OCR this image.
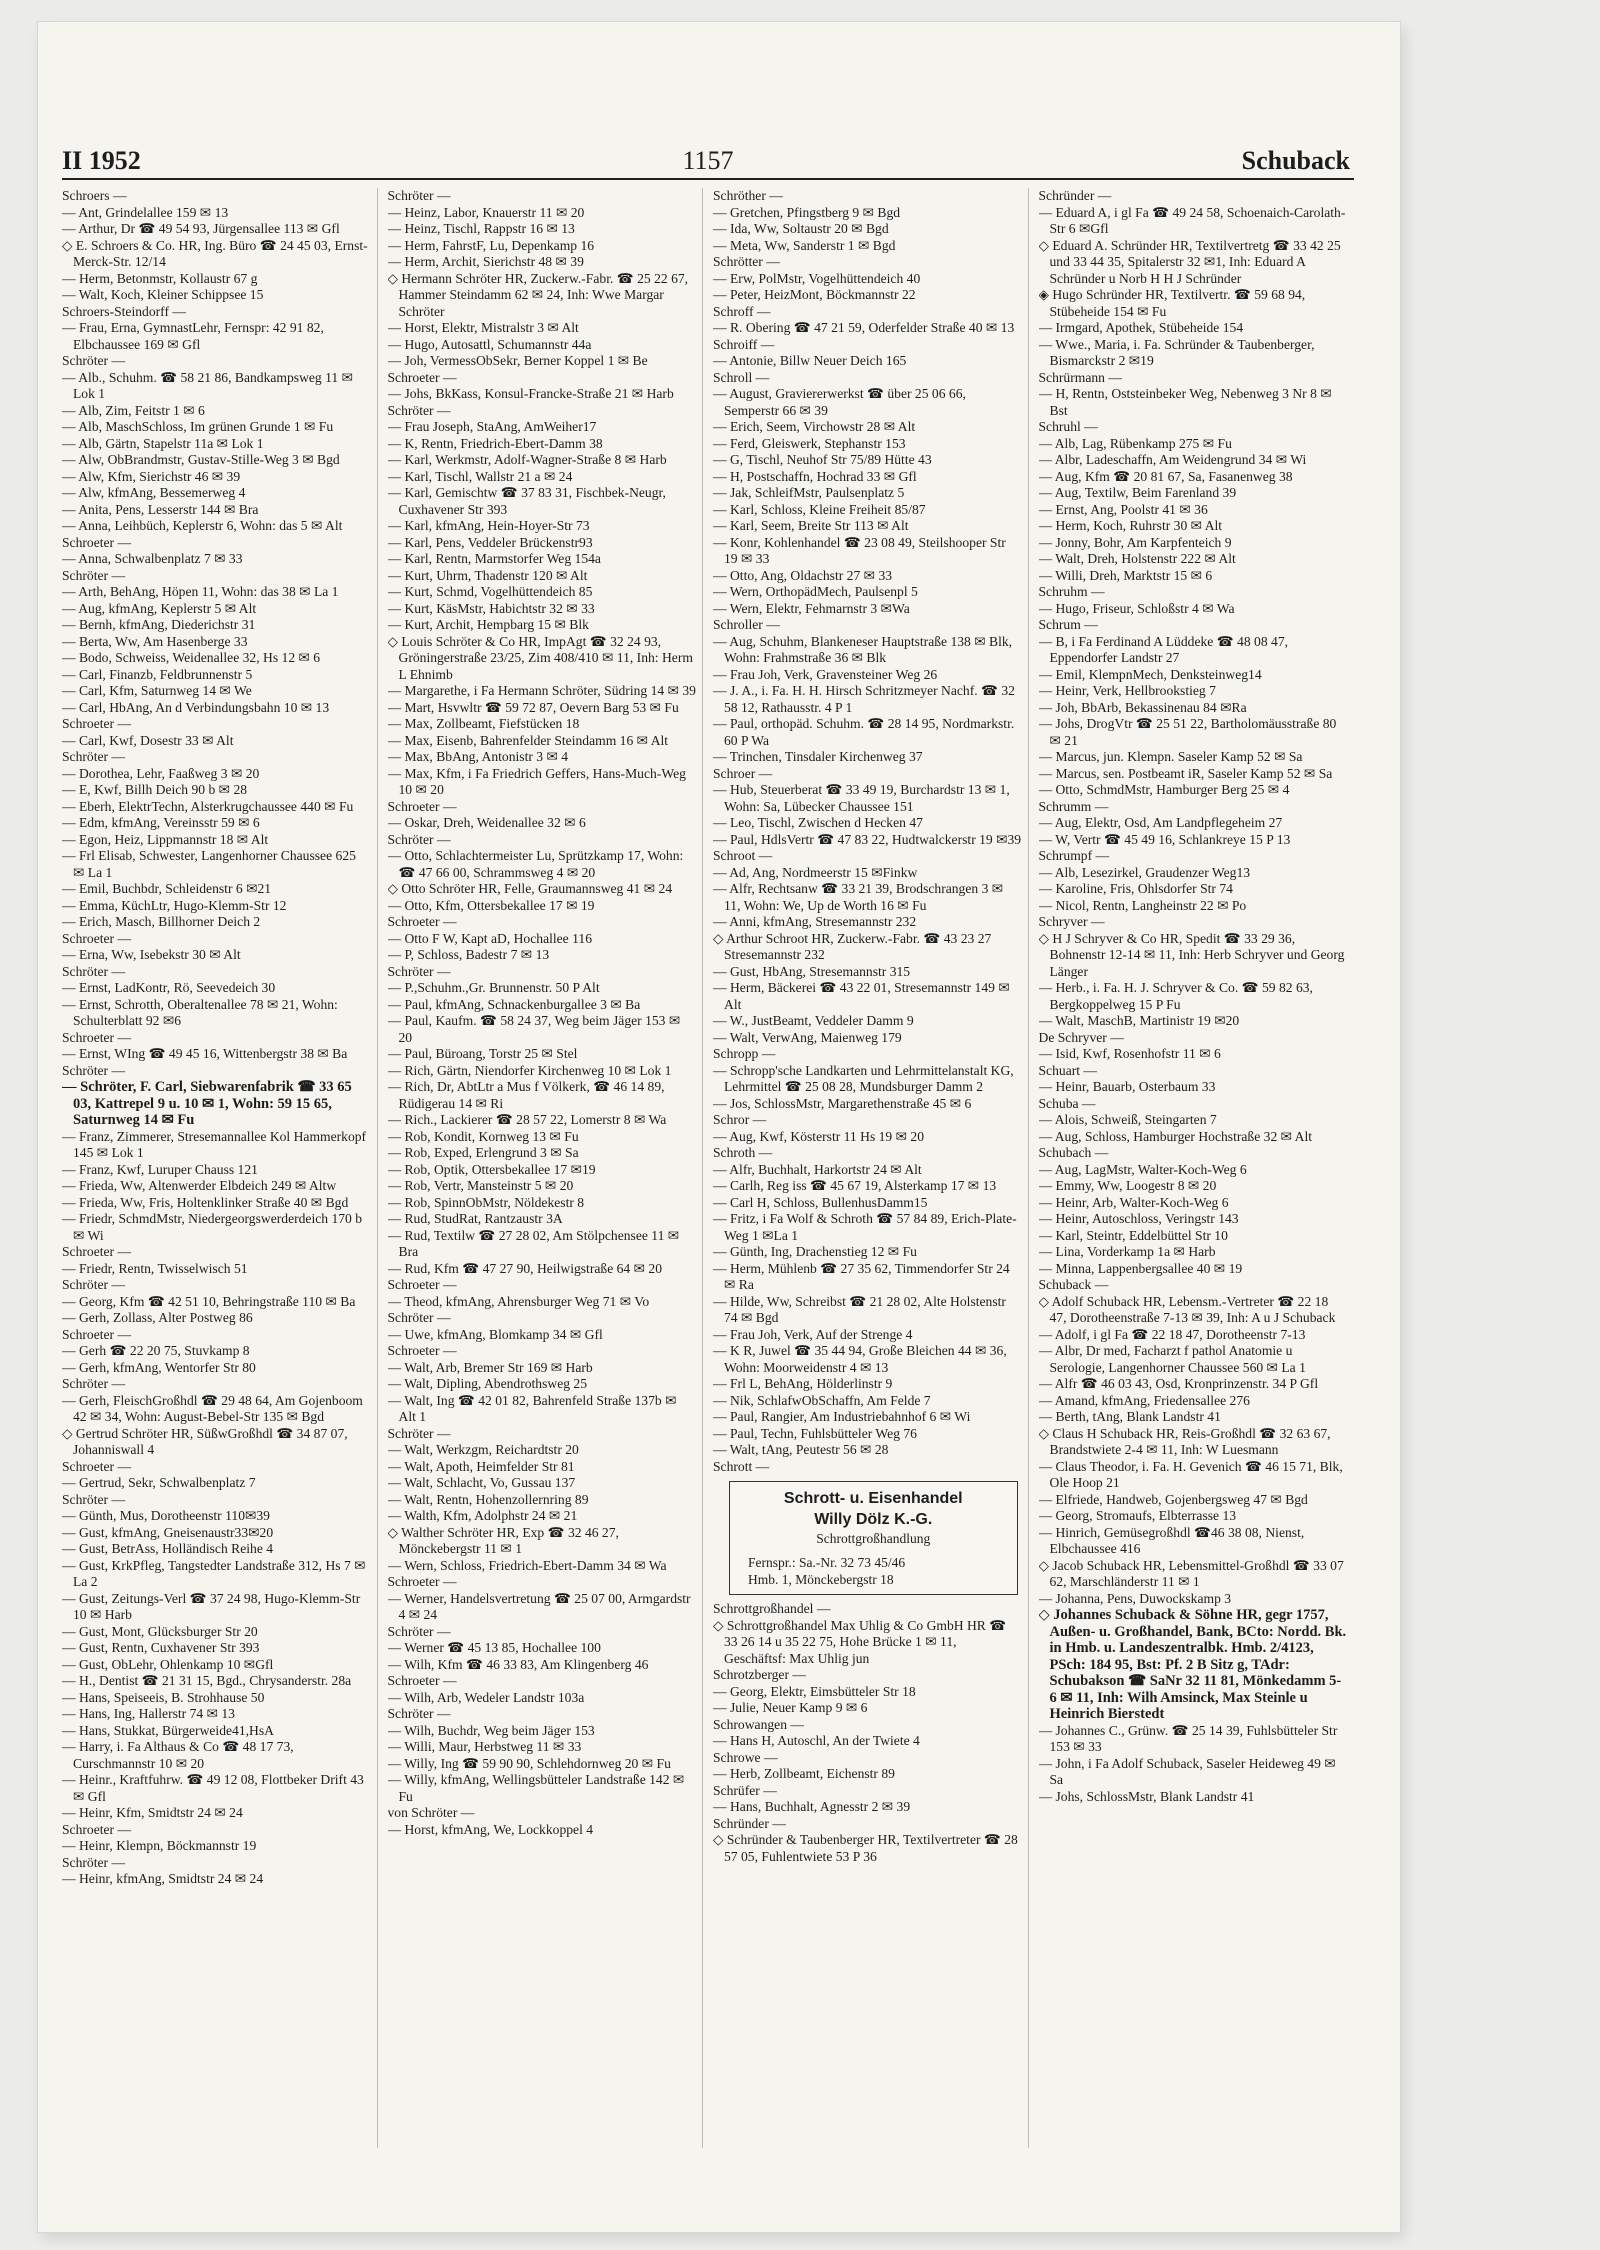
II 1952	1157	Schuback

Schroers —

— Ant, Grindelallee 159 ✉ 13

— Arthur, Dr ☎ 49 54 93, Jürgensallee 113 ✉ Gfl

◇ E. Schroers & Co. HR, Ing. Büro ☎ 24 45 03, Ernst-Merck-Str. 12/14

— Herm, Betonmstr, Kollaustr 67 g

— Walt, Koch, Kleiner Schippsee 15

Schroers-Steindorff —

— Frau, Erna, GymnastLehr, Fernspr: 42 91 82, Elbchaussee 169 ✉ Gfl

Schröter —

— Alb., Schuhm. ☎ 58 21 86, Bandkampsweg 11 ✉ Lok 1

— Alb, Zim, Feitstr 1 ✉ 6

— Alb, MaschSchloss, Im grünen Grunde 1 ✉ Fu

— Alb, Gärtn, Stapelstr 11a ✉ Lok 1

— Alw, ObBrandmstr, Gustav-Stille-Weg 3 ✉ Bgd

— Alw, Kfm, Sierichstr 46 ✉ 39

— Alw, kfmAng, Bessemerweg 4

— Anita, Pens, Lesserstr 144 ✉ Bra

— Anna, Leihbüch, Keplerstr 6, Wohn: das 5 ✉ Alt

Schroeter —

— Anna, Schwalbenplatz 7 ✉ 33

Schröter —

— Arth, BehAng, Höpen 11, Wohn: das 38 ✉ La 1

— Aug, kfmAng, Keplerstr 5 ✉ Alt

— Bernh, kfmAng, Diederichstr 31

— Berta, Ww, Am Hasenberge 33

— Bodo, Schweiss, Weidenallee 32, Hs 12 ✉ 6

— Carl, Finanzb, Feldbrunnenstr 5

— Carl, Kfm, Saturnweg 14 ✉ We

— Carl, HbAng, An d Verbindungsbahn 10 ✉ 13

Schroeter —

— Carl, Kwf, Dosestr 33 ✉ Alt

Schröter —

— Dorothea, Lehr, Faaßweg 3 ✉ 20

— E, Kwf, Billh Deich 90 b ✉ 28

— Eberh, ElektrTechn, Alsterkrugchaussee 440 ✉ Fu

— Edm, kfmAng, Vereinsstr 59 ✉ 6

— Egon, Heiz, Lippmannstr 18 ✉ Alt

— Frl Elisab, Schwester, Langenhorner Chaussee 625 ✉ La 1

— Emil, Buchbdr, Schleidenstr 6 ✉21

— Emma, KüchLtr, Hugo-Klemm-Str 12

— Erich, Masch, Billhorner Deich 2

Schroeter —

— Erna, Ww, Isebekstr 30 ✉ Alt

Schröter —

— Ernst, LadKontr, Rö, Seevedeich 30

— Ernst, Schrotth, Oberaltenallee 78 ✉ 21, Wohn: Schulterblatt 92 ✉6

Schroeter —

— Ernst, WIng ☎ 49 45 16, Wittenbergstr 38 ✉ Ba

Schröter —

— Schröter, F. Carl, Siebwarenfabrik ☎ 33 65 03, Kattrepel 9 u. 10 ✉ 1, Wohn: 59 15 65, Saturnweg 14 ✉ Fu

— Franz, Zimmerer, Stresemannallee Kol Hammerkopf 145 ✉ Lok 1

— Franz, Kwf, Luruper Chauss 121

— Frieda, Ww, Altenwerder Elbdeich 249 ✉ Altw

— Frieda, Ww, Fris, Holtenklinker Straße 40 ✉ Bgd

— Friedr, SchmdMstr, Niedergeorgswerderdeich 170 b ✉ Wi

Schroeter —

— Friedr, Rentn, Twisselwisch 51

Schröter —

— Georg, Kfm ☎ 42 51 10, Behringstraße 110 ✉ Ba

— Gerh, Zollass, Alter Postweg 86

Schroeter —

— Gerh ☎ 22 20 75, Stuvkamp 8

— Gerh, kfmAng, Wentorfer Str 80

Schröter —

— Gerh, FleischGroßhdl ☎ 29 48 64, Am Gojenboom 42 ✉ 34, Wohn: August-Bebel-Str 135 ✉ Bgd

◇ Gertrud Schröter HR, SüßwGroßhdl ☎ 34 87 07, Johanniswall 4

Schroeter —

— Gertrud, Sekr, Schwalbenplatz 7

Schröter —

— Günth, Mus, Dorotheenstr 110✉39

— Gust, kfmAng, Gneisenaustr33✉20

— Gust, BetrAss, Holländisch Reihe 4

— Gust, KrkPfleg, Tangstedter Landstraße 312, Hs 7 ✉ La 2

— Gust, Zeitungs-Verl ☎ 37 24 98, Hugo-Klemm-Str 10 ✉ Harb

— Gust, Mont, Glücksburger Str 20

— Gust, Rentn, Cuxhavener Str 393

— Gust, ObLehr, Ohlenkamp 10 ✉Gfl

— H., Dentist ☎ 21 31 15, Bgd., Chrysanderstr. 28a

— Hans, Speiseeis, B. Strohhause 50

— Hans, Ing, Hallerstr 74 ✉ 13

— Hans, Stukkat, Bürgerweide41,HsA

— Harry, i. Fa Althaus & Co ☎ 48 17 73, Curschmannstr 10 ✉ 20

— Heinr., Kraftfuhrw. ☎ 49 12 08, Flottbeker Drift 43 ✉ Gfl

— Heinr, Kfm, Smidtstr 24 ✉ 24

Schroeter —

— Heinr, Klempn, Böckmannstr 19

Schröter —

— Heinr, kfmAng, Smidtstr 24 ✉ 24

Schröter —

— Heinz, Labor, Knauerstr 11 ✉ 20

— Heinz, Tischl, Rappstr 16 ✉ 13

— Herm, FahrstF, Lu, Depenkamp 16

— Herm, Archit, Sierichstr 48 ✉ 39

◇ Hermann Schröter HR, Zuckerw.-Fabr. ☎ 25 22 67, Hammer Steindamm 62 ✉ 24, Inh: Wwe Margar Schröter

— Horst, Elektr, Mistralstr 3 ✉ Alt

— Hugo, Autosattl, Schumannstr 44a

— Joh, VermessObSekr, Berner Koppel 1 ✉ Be

Schroeter —

— Johs, BkKass, Konsul-Francke-Straße 21 ✉ Harb

Schröter —

— Frau Joseph, StaAng, AmWeiher17

— K, Rentn, Friedrich-Ebert-Damm 38

— Karl, Werkmstr, Adolf-Wagner-Straße 8 ✉ Harb

— Karl, Tischl, Wallstr 21 a ✉ 24

— Karl, Gemischtw ☎ 37 83 31, Fischbek-Neugr, Cuxhavener Str 393

— Karl, kfmAng, Hein-Hoyer-Str 73

— Karl, Pens, Veddeler Brückenstr93

— Karl, Rentn, Marmstorfer Weg 154a

— Kurt, Uhrm, Thadenstr 120 ✉ Alt

— Kurt, Schmd, Vogelhüttendeich 85

— Kurt, KäsMstr, Habichtstr 32 ✉ 33

— Kurt, Archit, Hempbarg 15 ✉ Blk

◇ Louis Schröter & Co HR, ImpAgt ☎ 32 24 93, Gröningerstraße 23/25, Zim 408/410 ✉ 11, Inh: Herm L Ehnimb

— Margarethe, i Fa Hermann Schröter, Südring 14 ✉ 39

— Mart, Hsvwltr ☎ 59 72 87, Oevern Barg 53 ✉ Fu

— Max, Zollbeamt, Fiefstücken 18

— Max, Eisenb, Bahrenfelder Steindamm 16 ✉ Alt

— Max, BbAng, Antonistr 3 ✉ 4

— Max, Kfm, i Fa Friedrich Geffers, Hans-Much-Weg 10 ✉ 20

Schroeter —

— Oskar, Dreh, Weidenallee 32 ✉ 6

Schröter —

— Otto, Schlachtermeister Lu, Sprützkamp 17, Wohn: ☎ 47 66 00, Schrammsweg 4 ✉ 20

◇ Otto Schröter HR, Felle, Graumannsweg 41 ✉ 24

— Otto, Kfm, Ottersbekallee 17 ✉ 19

Schroeter —

— Otto F W, Kapt aD, Hochallee 116

— P, Schloss, Badestr 7 ✉ 13

Schröter —

— P.,Schuhm.,Gr. Brunnenstr. 50 P Alt

— Paul, kfmAng, Schnackenburgallee 3 ✉ Ba

— Paul, Kaufm. ☎ 58 24 37, Weg beim Jäger 153 ✉ 20

— Paul, Büroang, Torstr 25 ✉ Stel

— Rich, Gärtn, Niendorfer Kirchenweg 10 ✉ Lok 1

— Rich, Dr, AbtLtr a Mus f Völkerk, ☎ 46 14 89, Rüdigerau 14 ✉ Ri

— Rich., Lackierer ☎ 28 57 22, Lomerstr 8 ✉ Wa

— Rob, Kondit, Kornweg 13 ✉ Fu

— Rob, Exped, Erlengrund 3 ✉ Sa

— Rob, Optik, Ottersbekallee 17 ✉19

— Rob, Vertr, Mansteinstr 5 ✉ 20

— Rob, SpinnObMstr, Nöldekestr 8

— Rud, StudRat, Rantzaustr 3A

— Rud, Textilw ☎ 27 28 02, Am Stölpchensee 11 ✉ Bra

— Rud, Kfm ☎ 47 27 90, Heilwigstraße 64 ✉ 20

Schroeter —

— Theod, kfmAng, Ahrensburger Weg 71 ✉ Vo

Schröter —

— Uwe, kfmAng, Blomkamp 34 ✉ Gfl

Schroeter —

— Walt, Arb, Bremer Str 169 ✉ Harb

— Walt, Dipling, Abendrothsweg 25

— Walt, Ing ☎ 42 01 82, Bahrenfeld Straße 137b ✉ Alt 1

Schröter —

— Walt, Werkzgm, Reichardtstr 20

— Walt, Apoth, Heimfelder Str 81

— Walt, Schlacht, Vo, Gussau 137

— Walt, Rentn, Hohenzollernring 89

— Walth, Kfm, Adolphstr 24 ✉ 21

◇ Walther Schröter HR, Exp ☎ 32 46 27, Mönckebergstr 11 ✉ 1

— Wern, Schloss, Friedrich-Ebert-Damm 34 ✉ Wa

Schroeter —

— Werner, Handelsvertretung ☎ 25 07 00, Armgardstr 4 ✉ 24

Schröter —

— Werner ☎ 45 13 85, Hochallee 100

— Wilh, Kfm ☎ 46 33 83, Am Klingenberg 46

Schroeter —

— Wilh, Arb, Wedeler Landstr 103a

Schröter —

— Wilh, Buchdr, Weg beim Jäger 153

— Willi, Maur, Herbstweg 11 ✉ 33

— Willy, Ing ☎ 59 90 90, Schlehdornweg 20 ✉ Fu

— Willy, kfmAng, Wellingsbütteler Landstraße 142 ✉ Fu

von Schröter —

— Horst, kfmAng, We, Lockkoppel 4

Schröther —

— Gretchen, Pfingstberg 9 ✉ Bgd

— Ida, Ww, Soltaustr 20 ✉ Bgd

— Meta, Ww, Sanderstr 1 ✉ Bgd

Schrötter —

— Erw, PolMstr, Vogelhüttendeich 40

— Peter, HeizMont, Böckmannstr 22

Schroff —

— R. Obering ☎ 47 21 59, Oderfelder Straße 40 ✉ 13

Schroiff —

— Antonie, Billw Neuer Deich 165

Schroll —

— August, Graviererwerkst ☎ über 25 06 66, Semperstr 66 ✉ 39

— Erich, Seem, Virchowstr 28 ✉ Alt

— Ferd, Gleiswerk, Stephanstr 153

— G, Tischl, Neuhof Str 75/89 Hütte 43

— H, Postschaffn, Hochrad 33 ✉ Gfl

— Jak, SchleifMstr, Paulsenplatz 5

— Karl, Schloss, Kleine Freiheit 85/87

— Karl, Seem, Breite Str 113 ✉ Alt

— Konr, Kohlenhandel ☎ 23 08 49, Steilshooper Str 19 ✉ 33

— Otto, Ang, Oldachstr 27 ✉ 33

— Wern, OrthopädMech, Paulsenpl 5

— Wern, Elektr, Fehmarnstr 3 ✉Wa

Schroller —

— Aug, Schuhm, Blankeneser Hauptstraße 138 ✉ Blk, Wohn: Frahmstraße 36 ✉ Blk

— Frau Joh, Verk, Gravensteiner Weg 26

— J. A., i. Fa. H. H. Hirsch Schritzmeyer Nachf. ☎ 32 58 12, Rathausstr. 4 P 1

— Paul, orthopäd. Schuhm. ☎ 28 14 95, Nordmarkstr. 60 P Wa

— Trinchen, Tinsdaler Kirchenweg 37

Schroer —

— Hub, Steuerberat ☎ 33 49 19, Burchardstr 13 ✉ 1, Wohn: Sa, Lübecker Chaussee 151

— Leo, Tischl, Zwischen d Hecken 47

— Paul, HdlsVertr ☎ 47 83 22, Hudtwalckerstr 19 ✉39

Schroot —

— Ad, Ang, Nordmeerstr 15 ✉Finkw

— Alfr, Rechtsanw ☎ 33 21 39, Brodschrangen 3 ✉ 11, Wohn: We, Up de Worth 16 ✉ Fu

— Anni, kfmAng, Stresemannstr 232

◇ Arthur Schroot HR, Zuckerw.-Fabr. ☎ 43 23 27 Stresemannstr 232

— Gust, HbAng, Stresemannstr 315

— Herm, Bäckerei ☎ 43 22 01, Stresemannstr 149 ✉ Alt

— W., JustBeamt, Veddeler Damm 9

— Walt, VerwAng, Maienweg 179

Schropp —

— Schropp'sche Landkarten und Lehrmittelanstalt KG, Lehrmittel ☎ 25 08 28, Mundsburger Damm 2

— Jos, SchlossMstr, Margarethenstraße 45 ✉ 6

Schror —

— Aug, Kwf, Kösterstr 11 Hs 19 ✉ 20

Schroth —

— Alfr, Buchhalt, Harkortstr 24 ✉ Alt

— Carlh, Reg iss ☎ 45 67 19, Alsterkamp 17 ✉ 13

— Carl H, Schloss, BullenhusDamm15

— Fritz, i Fa Wolf & Schroth ☎ 57 84 89, Erich-Plate-Weg 1 ✉La 1

— Günth, Ing, Drachenstieg 12 ✉ Fu

— Herm, Mühlenb ☎ 27 35 62, Timmendorfer Str 24 ✉ Ra

— Hilde, Ww, Schreibst ☎ 21 28 02, Alte Holstenstr 74 ✉ Bgd

— Frau Joh, Verk, Auf der Strenge 4

— K R, Juwel ☎ 35 44 94, Große Bleichen 44 ✉ 36, Wohn: Moorweidenstr 4 ✉ 13

— Frl L, BehAng, Hölderlinstr 9

— Nik, SchlafwObSchaffn, Am Felde 7

— Paul, Rangier, Am Industriebahnhof 6 ✉ Wi

— Paul, Techn, Fuhlsbütteler Weg 76

— Walt, tAng, Peutestr 56 ✉ 28

Schrott —

Schrott- u. Eisenhandel
Willy Dölz K.-G.
Schrottgroßhandlung
Fernspr.: Sa.-Nr. 32 73 45/46
Hmb. 1, Mönckebergstr 18

Schrottgroßhandel —

◇ Schrottgroßhandel Max Uhlig & Co GmbH HR ☎ 33 26 14 u 35 22 75, Hohe Brücke 1 ✉ 11, Geschäftsf: Max Uhlig jun

Schrotzberger —

— Georg, Elektr, Eimsbütteler Str 18

— Julie, Neuer Kamp 9 ✉ 6

Schrowangen —

— Hans H, Autoschl, An der Twiete 4

Schrowe —

— Herb, Zollbeamt, Eichenstr 89

Schrüfer —

— Hans, Buchhalt, Agnesstr 2 ✉ 39

Schründer —

◇ Schründer & Taubenberger HR, Textilvertreter ☎ 28 57 05, Fuhlentwiete 53 P 36

Schründer —

— Eduard A, i gl Fa ☎ 49 24 58, Schoenaich-Carolath-Str 6 ✉Gfl

◇ Eduard A. Schründer HR, Textilvertretg ☎ 33 42 25 und 33 44 35, Spitalerstr 32 ✉1, Inh: Eduard A Schründer u Norb H H J Schründer

◈ Hugo Schründer HR, Textilvertr. ☎ 59 68 94, Stübeheide 154 ✉ Fu

— Irmgard, Apothek, Stübeheide 154

— Wwe., Maria, i. Fa. Schründer & Taubenberger, Bismarckstr 2 ✉19

Schrürmann —

— H, Rentn, Oststeinbeker Weg, Nebenweg 3 Nr 8 ✉ Bst

Schruhl —

— Alb, Lag, Rübenkamp 275 ✉ Fu

— Albr, Ladeschaffn, Am Weidengrund 34 ✉ Wi

— Aug, Kfm ☎ 20 81 67, Sa, Fasanenweg 38

— Aug, Textilw, Beim Farenland 39

— Ernst, Ang, Poolstr 41 ✉ 36

— Herm, Koch, Ruhrstr 30 ✉ Alt

— Jonny, Bohr, Am Karpfenteich 9

— Walt, Dreh, Holstenstr 222 ✉ Alt

— Willi, Dreh, Marktstr 15 ✉ 6

Schruhm —

— Hugo, Friseur, Schloßstr 4 ✉ Wa

Schrum —

— B, i Fa Ferdinand A Lüddeke ☎ 48 08 47, Eppendorfer Landstr 27

— Emil, KlempnMech, Denksteinweg14

— Heinr, Verk, Hellbrookstieg 7

— Joh, BbArb, Bekassinenau 84 ✉Ra

— Johs, DrogVtr ☎ 25 51 22, Bartholomäusstraße 80 ✉ 21

— Marcus, jun. Klempn. Saseler Kamp 52 ✉ Sa

— Marcus, sen. Postbeamt iR, Saseler Kamp 52 ✉ Sa

— Otto, SchmdMstr, Hamburger Berg 25 ✉ 4

Schrumm —

— Aug, Elektr, Osd, Am Landpflegeheim 27

— W, Vertr ☎ 45 49 16, Schlankreye 15 P 13

Schrumpf —

— Alb, Lesezirkel, Graudenzer Weg13

— Karoline, Fris, Ohlsdorfer Str 74

— Nicol, Rentn, Langheinstr 22 ✉ Po

Schryver —

◇ H J Schryver & Co HR, Spedit ☎ 33 29 36, Bohnenstr 12-14 ✉ 11, Inh: Herb Schryver und Georg Länger

— Herb., i. Fa. H. J. Schryver & Co. ☎ 59 82 63, Bergkoppelweg 15 P Fu

— Walt, MaschB, Martinistr 19 ✉20

De Schryver —

— Isid, Kwf, Rosenhofstr 11 ✉ 6

Schuart —

— Heinr, Bauarb, Osterbaum 33

Schuba —

— Alois, Schweiß, Steingarten 7

— Aug, Schloss, Hamburger Hochstraße 32 ✉ Alt

Schubach —

— Aug, LagMstr, Walter-Koch-Weg 6

— Emmy, Ww, Loogestr 8 ✉ 20

— Heinr, Arb, Walter-Koch-Weg 6

— Heinr, Autoschloss, Veringstr 143

— Karl, Steintr, Eddelbüttel Str 10

— Lina, Vorderkamp 1a ✉ Harb

— Minna, Lappenbergsallee 40 ✉ 19

Schuback —

◇ Adolf Schuback HR, Lebensm.-Vertreter ☎ 22 18 47, Dorotheenstraße 7-13 ✉ 39, Inh: A u J Schuback

— Adolf, i gl Fa ☎ 22 18 47, Dorotheenstr 7-13

— Albr, Dr med, Facharzt f pathol Anatomie u Serologie, Langenhorner Chaussee 560 ✉ La 1

— Alfr ☎ 46 03 43, Osd, Kronprinzenstr. 34 P Gfl

— Amand, kfmAng, Friedensallee 276

— Berth, tAng, Blank Landstr 41

◇ Claus H Schuback HR, Reis-Großhdl ☎ 32 63 67, Brandstwiete 2-4 ✉ 11, Inh: W Luesmann

— Claus Theodor, i. Fa. H. Gevenich ☎ 46 15 71, Blk, Ole Hoop 21

— Elfriede, Handweb, Gojenbergsweg 47 ✉ Bgd

— Georg, Stromaufs, Elbterrasse 13

— Hinrich, Gemüsegroßhdl ☎46 38 08, Nienst, Elbchaussee 416

◇ Jacob Schuback HR, Lebensmittel-Großhdl ☎ 33 07 62, Marschländerstr 11 ✉ 1

— Johanna, Pens, Duwockskamp 3

◇ Johannes Schuback & Söhne HR, gegr 1757, Außen- u. Großhandel, Bank, BCto: Nordd. Bk. in Hmb. u. Landeszentralbk. Hmb. 2/4123, PSch: 184 95, Bst: Pf. 2 B Sitz g, TAdr: Schubakson ☎ SaNr 32 11 81, Mönkedamm 5-6 ✉ 11, Inh: Wilh Amsinck, Max Steinle u Heinrich Bierstedt

— Johannes C., Grünw. ☎ 25 14 39, Fuhlsbütteler Str 153 ✉ 33

— John, i Fa Adolf Schuback, Saseler Heideweg 49 ✉ Sa

— Johs, SchlossMstr, Blank Landstr 41
